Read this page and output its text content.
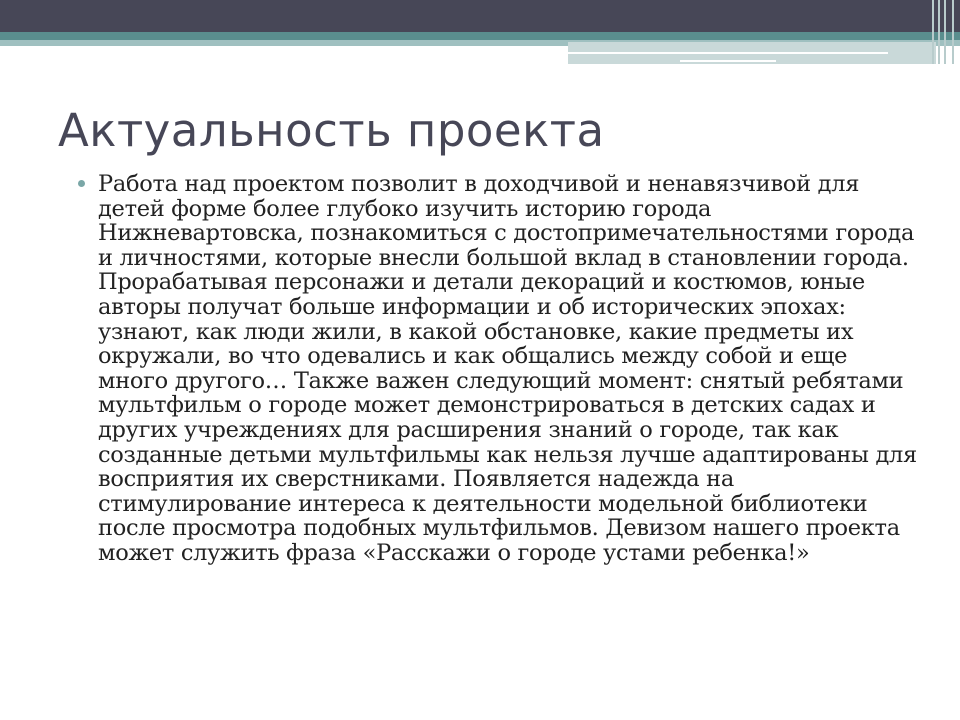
Актуальность проекта

Работа над проектом позволит в доходчивой и ненавязчивой для детей форме более глубоко изучить историю города Нижневартовска, познакомиться с достопримечательностями города и личностями, которые внесли большой вклад в становлении города. Прорабатывая персонажи и детали декораций и костюмов, юные авторы получат больше информации и об исторических эпохах: узнают, как люди жили, в какой обстановке, какие предметы их окружали, во что одевались и как общались между собой и еще много другого… Также важен следующий момент: снятый ребятами мультфильм о городе может демонстрироваться в детских садах и других учреждениях для расширения знаний о городе, так как созданные детьми мультфильмы как нельзя лучше адаптированы для восприятия их сверстниками. Появляется надежда на стимулирование интереса к деятельности модельной библиотеки после просмотра подобных мультфильмов. Девизом нашего проекта может служить фраза «Расскажи о городе устами ребенка!»
